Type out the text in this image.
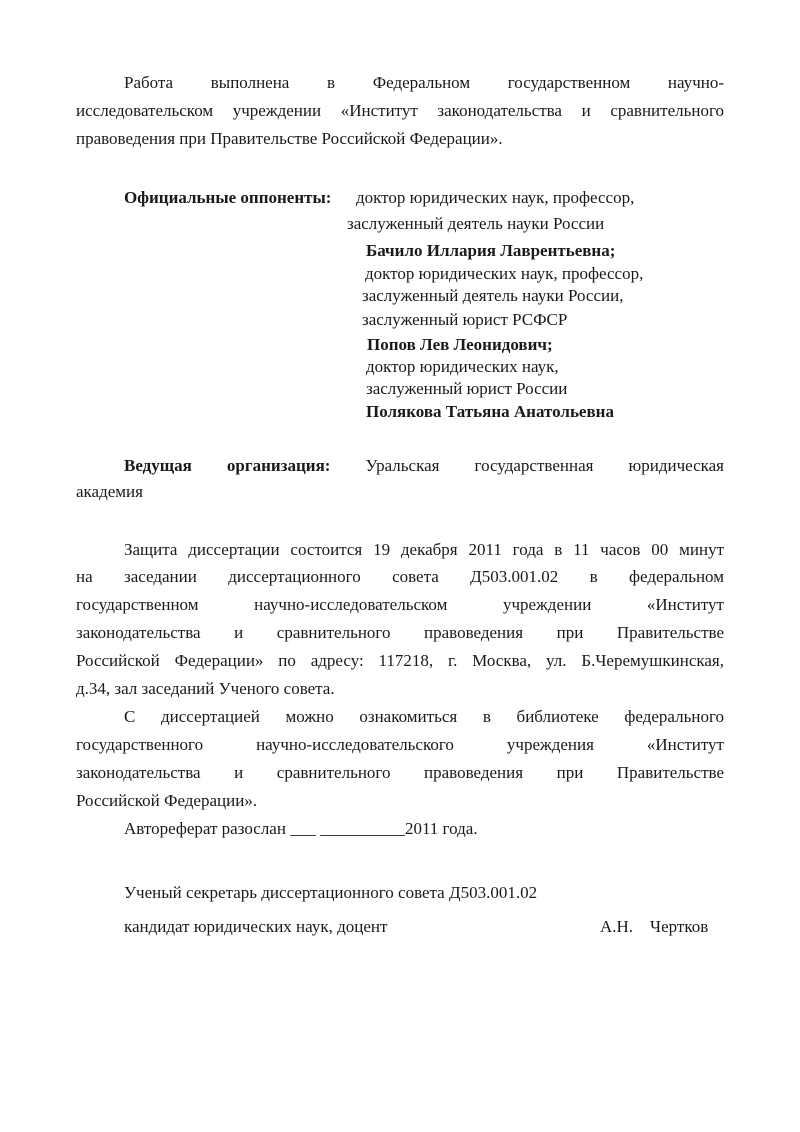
Работа выполнена в Федеральном государственном научно-
исследовательском учреждении «Институт законодательства и сравнительного
правоведения при Правительстве Российской Федерации».
Официальные оппоненты: доктор юридических наук, профессор,
заслуженный деятель науки России
Бачило Иллария Лаврентьевна;
доктор юридических наук, профессор,
заслуженный деятель науки России,
заслуженный юрист РСФСР
Попов Лев Леонидович;
доктор юридических наук,
заслуженный юрист России
Полякова Татьяна Анатольевна
Ведущая организация: Уральская государственная юридическая
академия
Защита диссертации состоится 19 декабря 2011 года в 11 часов 00 минут
на заседании диссертационного совета Д503.001.02 в федеральном
государственном научно-исследовательском учреждении «Институт
законодательства и сравнительного правоведения при Правительстве
Российской Федерации» по адресу: 117218, г. Москва, ул. Б.Черемушкинская,
д.34, зал заседаний Ученого совета.
С диссертацией можно ознакомиться в библиотеке федерального
государственного научно-исследовательского учреждения «Институт
законодательства и сравнительного правоведения при Правительстве
Российской Федерации».
Автореферат разослан ___ __________2011 года.
Ученый секретарь диссертационного совета Д503.001.02
кандидат юридических наук, доцент	А.Н.    Чертков
